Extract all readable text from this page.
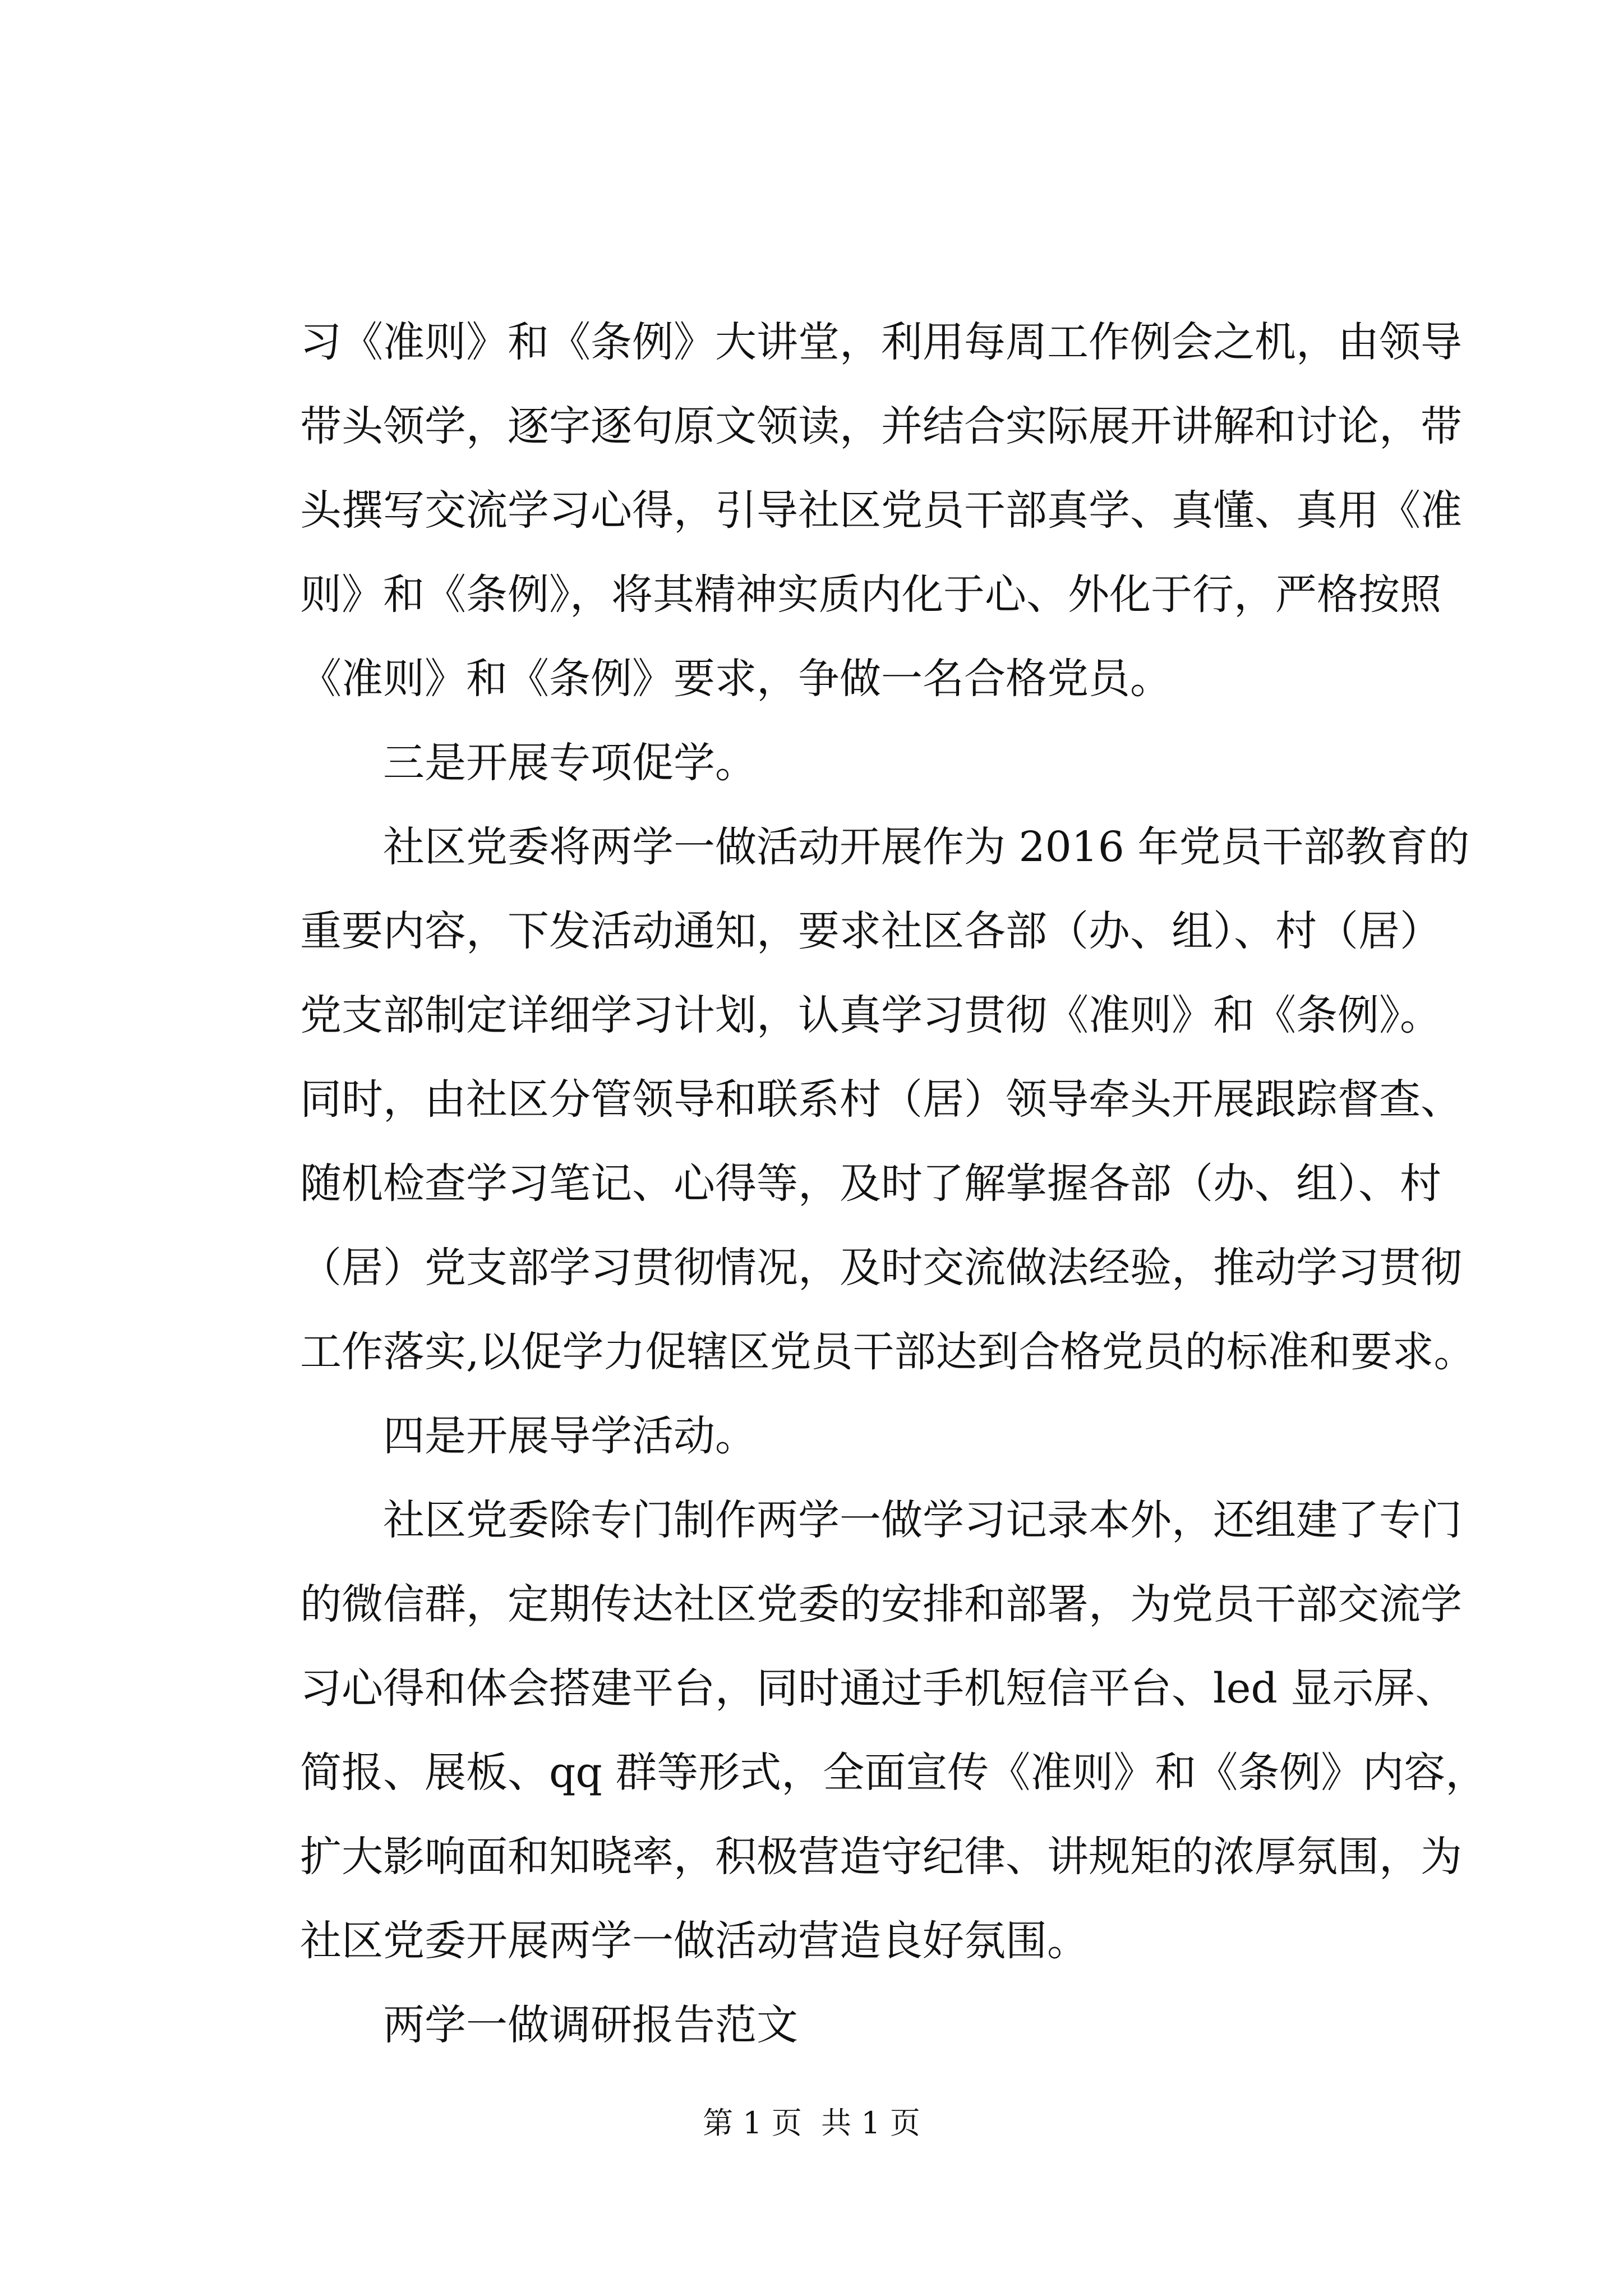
习《准则》和《条例》大讲堂，利用每周工作例会之机，由领导
带头领学，逐字逐句原文领读，并结合实际展开讲解和讨论，带
头撰写交流学习心得，引导社区党员干部真学、真懂、真用《准
则》和《条例》，将其精神实质内化于心、外化于行，严格按照
《准则》和《条例》要求，争做一名合格党员。
三是开展专项促学。
社区党委将两学一做活动开展作为 2016 年党员干部教育的
重要内容，下发活动通知，要求社区各部（办、组）、村（居）
党支部制定详细学习计划，认真学习贯彻《准则》和《条例》。
同时，由社区分管领导和联系村（居）领导牵头开展跟踪督查、
随机检查学习笔记、心得等，及时了解掌握各部（办、组）、村
（居）党支部学习贯彻情况，及时交流做法经验，推动学习贯彻
工作落实,以促学力促辖区党员干部达到合格党员的标准和要求。
四是开展导学活动。
社区党委除专门制作两学一做学习记录本外，还组建了专门
的微信群，定期传达社区党委的安排和部署，为党员干部交流学
习心得和体会搭建平台，同时通过手机短信平台、led 显示屏、
简报、展板、qq 群等形式，全面宣传《准则》和《条例》内容，
扩大影响面和知晓率，积极营造守纪律、讲规矩的浓厚氛围，为
社区党委开展两学一做活动营造良好氛围。
两学一做调研报告范文
第 1 页  共 1 页
